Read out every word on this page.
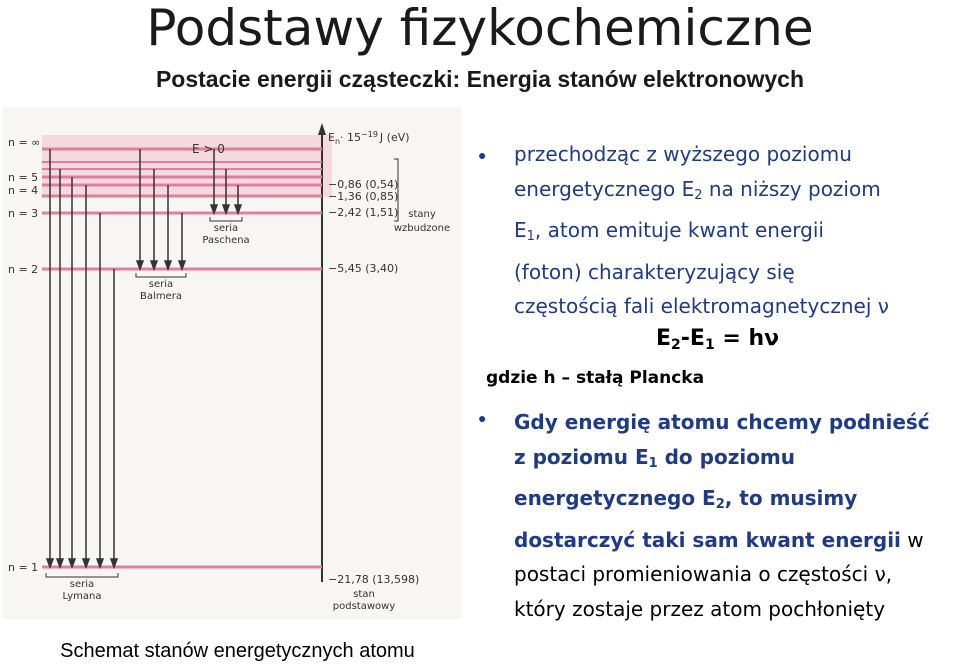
Podstawy fizykochemiczne
Postacie energii cząsteczki: Energia stanów elektronowych
n = ∞
n = 5
n = 4
n = 3
n = 2
n = 1
−0,86 (0,54)
−1,36 (0,85)
−2,42 (1,51)
−5,45 (3,40)
−21,78 (13,598)
E > 0
$E_n\cdot 15^{-19}$ J (eV)
seria
Paschena
seria
Balmera
seria
Lymana
stany
wzbudzone
stan
podstawowy
Schemat stanów energetycznych atomu
●
●
przechodząc z wyższego poziomu
energetycznego $E_2$ na niższy poziom
$E_1$, atom emituje kwant energii
(foton) charakteryzujący się
częstością fali elektromagnetycznej ν
$E_2-E_1 = h\nu$
gdzie h – stałą Plancka
Gdy energię atomu chcemy podnieść
z poziomu $E_1$ do poziomu
energetycznego $E_2$, to musimy
dostarczyć taki sam kwant energii w
postaci promieniowania o częstości ν,
który zostaje przez atom pochłonięty
